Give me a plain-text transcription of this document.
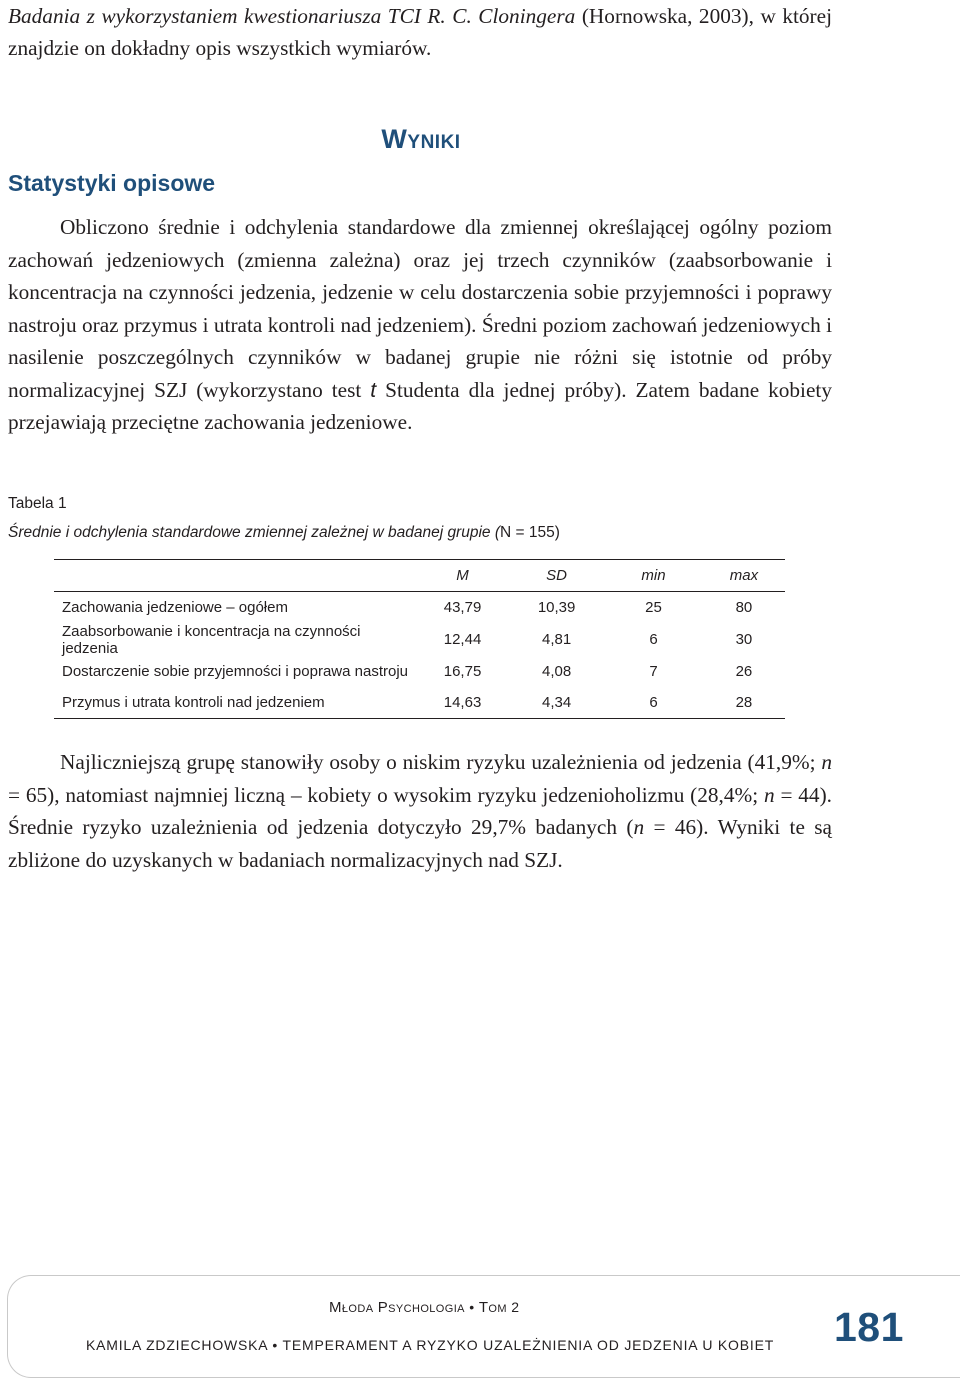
Badania z wykorzystaniem kwestionariusza TCI R. C. Cloningera (Hornowska, 2003), w której znajdzie on dokładny opis wszystkich wymiarów.

WYNIKI
Statystyki opisowe

Obliczono średnie i odchylenia standardowe dla zmiennej określającej ogólny poziom zachowań jedzeniowych (zmienna zależna) oraz jej trzech czynników (zaabsorbowanie i koncentracja na czynności jedzenia, jedzenie w celu dostarczenia sobie przyjemności i poprawy nastroju oraz przymus i utrata kontroli nad jedzeniem). Średni poziom zachowań jedzeniowych i nasilenie poszczególnych czynników w badanej grupie nie różni się istotnie od próby normalizacyjnej SZJ (wykorzystano test t Studenta dla jednej próby). Zatem badane kobiety przejawiają przeciętne zachowania jedzeniowe.

Tabela 1

Średnie i odchylenia standardowe zmiennej zależnej w badanej grupie (N = 155)

	M	SD	min	max
Zachowania jedzeniowe – ogółem	43,79	10,39	25	80
Zaabsorbowanie i koncentracja na czynności jedzenia	12,44	4,81	6	30
Dostarczenie sobie przyjemności i poprawa nastroju	16,75	4,08	7	26
Przymus i utrata kontroli nad jedzeniem	14,63	4,34	6	28

Najliczniejszą grupę stanowiły osoby o niskim ryzyku uzależnienia od jedzenia (41,9%; n = 65), natomiast najmniej liczną – kobiety o wysokim ryzyku jedzenioholizmu (28,4%; n = 44). Średnie ryzyko uzależnienia od jedzenia dotyczyło 29,7% badanych (n = 46). Wyniki te są zbliżone do uzyskanych w badaniach normalizacyjnych nad SZJ.

MŁODA PSYCHOLOGIA • TOM 2

KAMILA ZDZIECHOWSKA • TEMPERAMENT A RYZYKO UZALEŻNIENIA OD JEDZENIA U KOBIET 181
